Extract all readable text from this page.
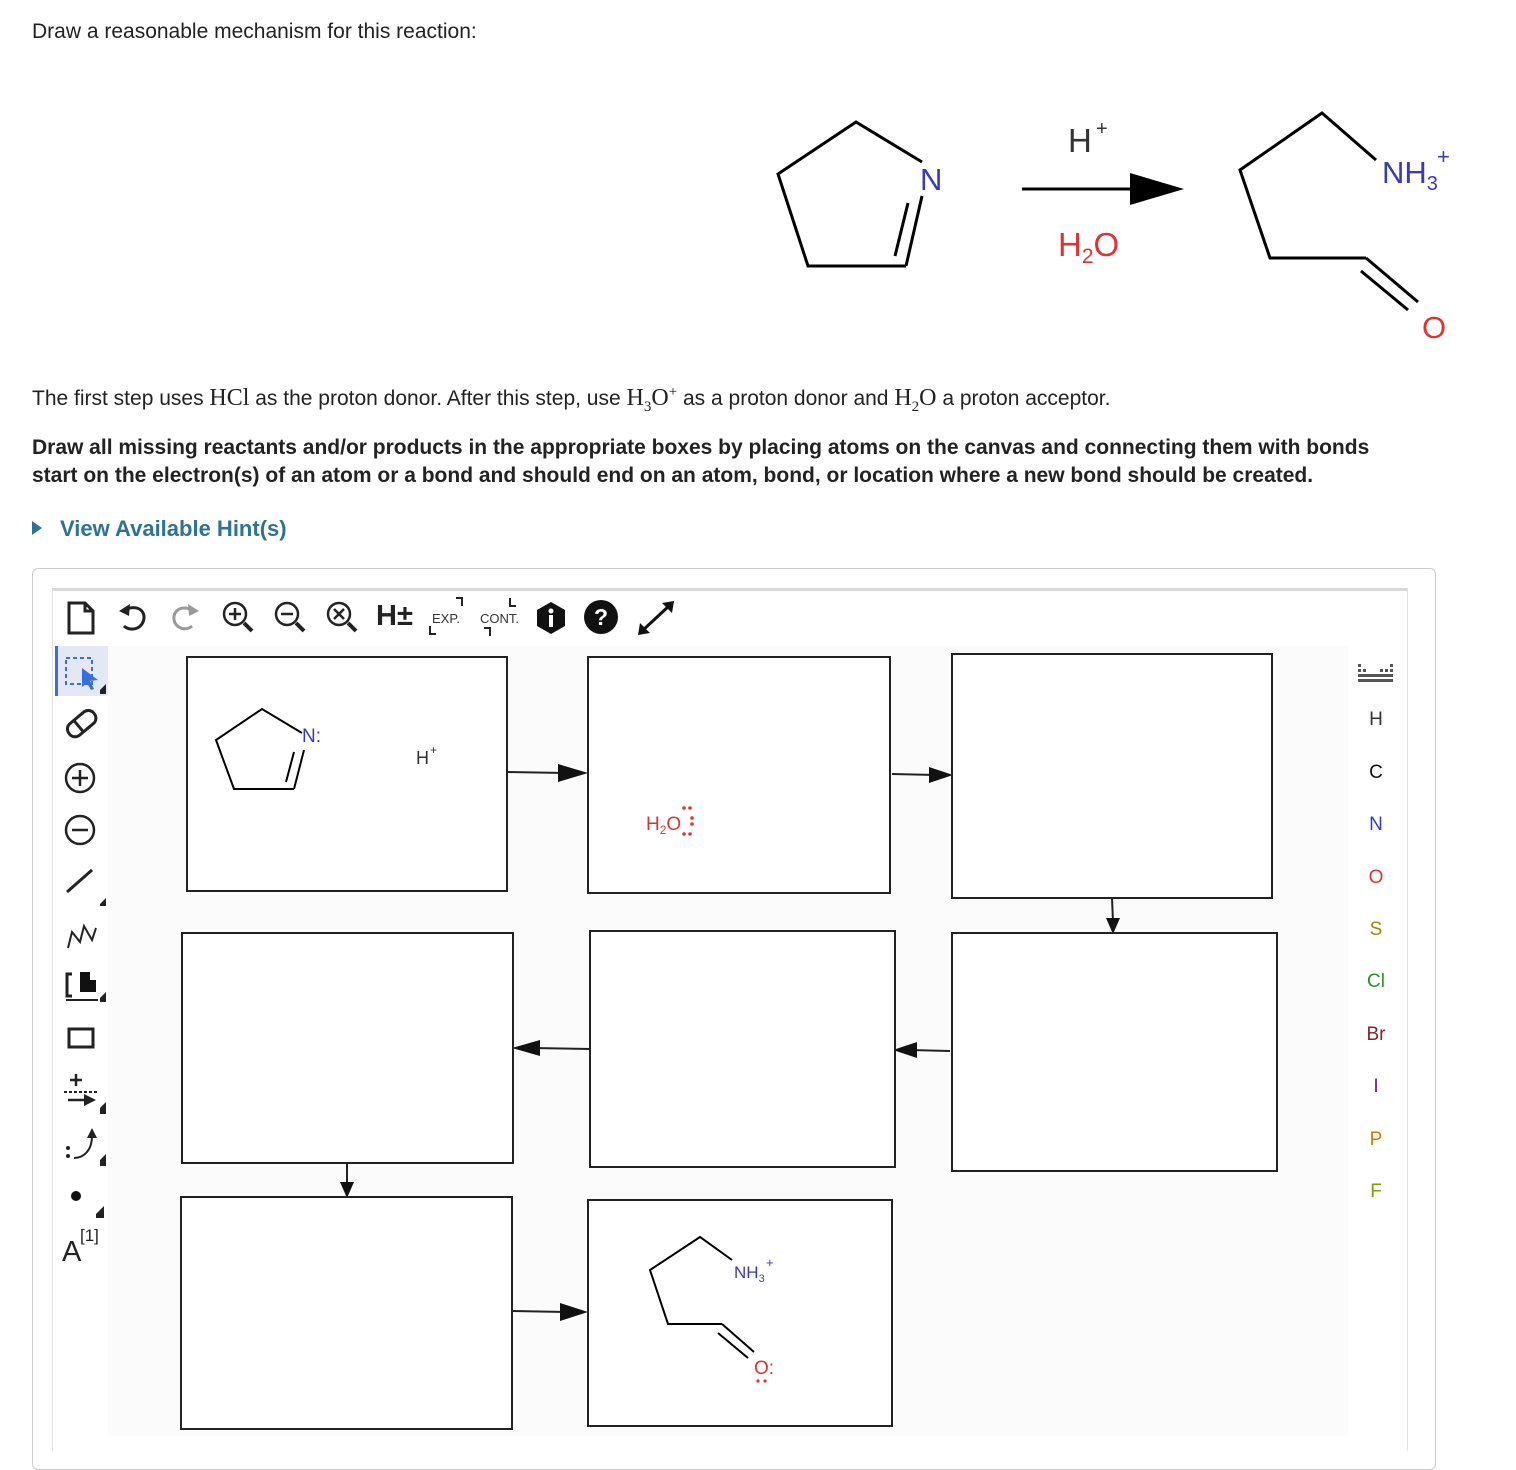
Draw a reasonable mechanism for this reaction:
N
H +
$H_2O$
$NH_3$
+
O
The first step uses HCl as the proton donor. After this step, use $H_3O^+$ as a proton donor and $H_2O$ a proton acceptor.
Draw all missing reactants and/or products in the appropriate boxes by placing atoms on the canvas and connecting them with bonds
start on the electron(s) of an atom or a bond and should end on an atom, bond, or location where a new bond should be created.
View Available Hint(s)
H± EXP. CONT.	?
A
[1]
N:
H +
$H_2O$
$NH_3$
+
O:
H
C
N
O
S
Cl
Br
I
P
F
